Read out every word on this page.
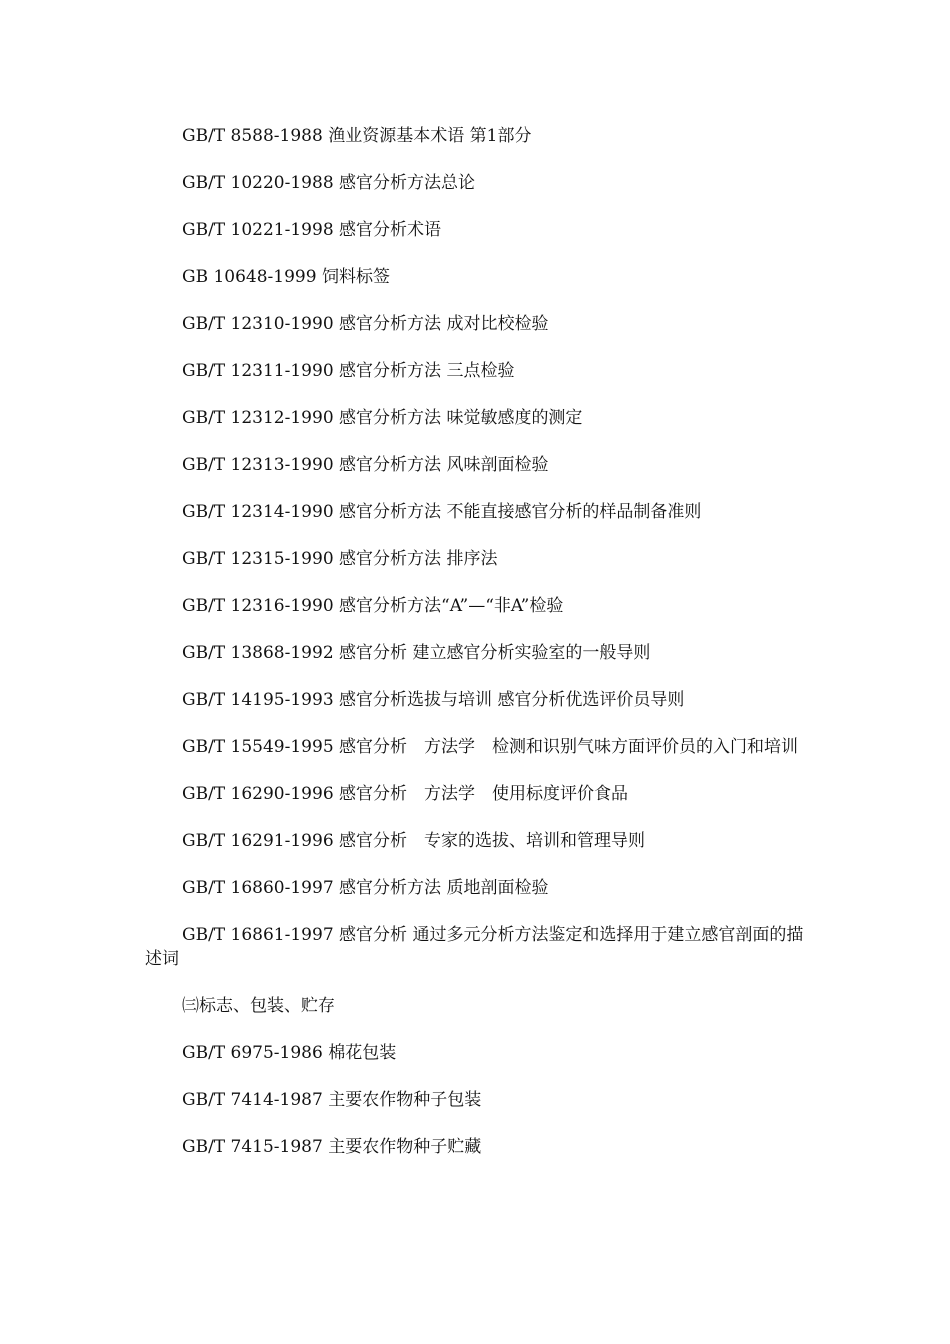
GB/T 8588-1988 渔业资源基本术语 第1部分

GB/T 10220-1988 感官分析方法总论

GB/T 10221-1998 感官分析术语

GB 10648-1999 饲料标签

GB/T 12310-1990 感官分析方法 成对比校检验

GB/T 12311-1990 感官分析方法 三点检验

GB/T 12312-1990 感官分析方法 味觉敏感度的测定

GB/T 12313-1990 感官分析方法 风味剖面检验

GB/T 12314-1990 感官分析方法 不能直接感官分析的样品制备准则

GB/T 12315-1990 感官分析方法 排序法

GB/T 12316-1990 感官分析方法“A”—“非A”检验

GB/T 13868-1992 感官分析 建立感官分析实验室的一般导则

GB/T 14195-1993 感官分析选拔与培训 感官分析优选评价员导则

GB/T 15549-1995 感官分析　方法学　检测和识别气味方面评价员的入门和培训

GB/T 16290-1996 感官分析　方法学　使用标度评价食品

GB/T 16291-1996 感官分析　专家的选拔、培训和管理导则

GB/T 16860-1997 感官分析方法 质地剖面检验

GB/T 16861-1997 感官分析 通过多元分析方法鉴定和选择用于建立感官剖面的描述词

㈢标志、包装、贮存

GB/T 6975-1986 棉花包装

GB/T 7414-1987 主要农作物种子包装

GB/T 7415-1987 主要农作物种子贮藏
